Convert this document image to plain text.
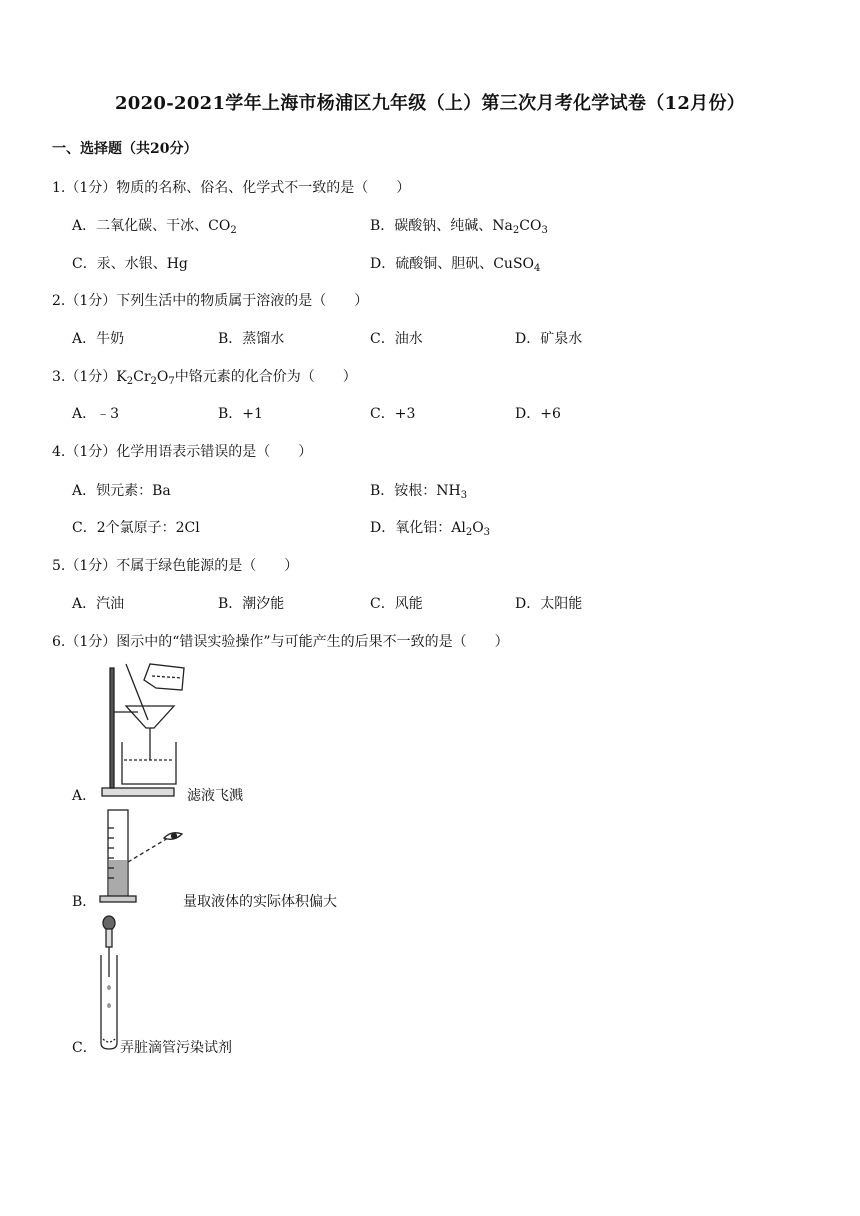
2020-2021学年上海市杨浦区九年级（上）第三次月考化学试卷（12月份）
一、选择题（共20分）
1.（1分）物质的名称、俗名、化学式不一致的是（　　）
A．二氧化碳、干冰、$CO_2$	B．碳酸钠、纯碱、$Na_2CO_3$
C．汞、水银、Hg	D．硫酸铜、胆矾、CuSO$_4$
2.（1分）下列生活中的物质属于溶液的是（　　）
A．牛奶	B．蒸馏水	C．油水	D．矿泉水
3.（1分）$K_2Cr_2O_7$中铬元素的化合价为（　　）
A．﹣3	B．+1	C．+3	D．+6
4.（1分）化学用语表示错误的是（　　）
A．钡元素：Ba	B．铵根：$NH_3$
C．2个氯原子：2Cl	D．氧化铝：$Al_2O_3$
5.（1分）不属于绿色能源的是（　　）
A．汽油	B．潮汐能	C．风能	D．太阳能
6.（1分）图示中的“错误实验操作”与可能产生的后果不一致的是（　　）
A．	滤液飞溅
B．	量取液体的实际体积偏大
C． 弄脏滴管污染试剂
